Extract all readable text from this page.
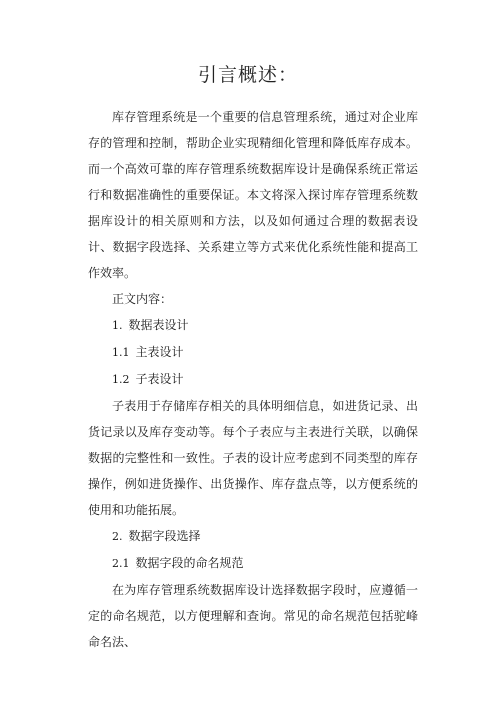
引言概述：

库存管理系统是一个重要的信息管理系统，通过对企业库存的管理和控制，帮助企业实现精细化管理和降低库存成本。而一个高效可靠的库存管理系统数据库设计是确保系统正常运行和数据准确性的重要保证。本文将深入探讨库存管理系统数据库设计的相关原则和方法，以及如何通过合理的数据表设计、数据字段选择、关系建立等方式来优化系统性能和提高工作效率。

正文内容：

1. 数据表设计

1.1 主表设计

1.2 子表设计

子表用于存储库存相关的具体明细信息，如进货记录、出货记录以及库存变动等。每个子表应与主表进行关联，以确保数据的完整性和一致性。子表的设计应考虑到不同类型的库存操作，例如进货操作、出货操作、库存盘点等，以方便系统的使用和功能拓展。

2. 数据字段选择

2.1 数据字段的命名规范

在为库存管理系统数据库设计选择数据字段时，应遵循一定的命名规范，以方便理解和查询。常见的命名规范包括驼峰命名法、
